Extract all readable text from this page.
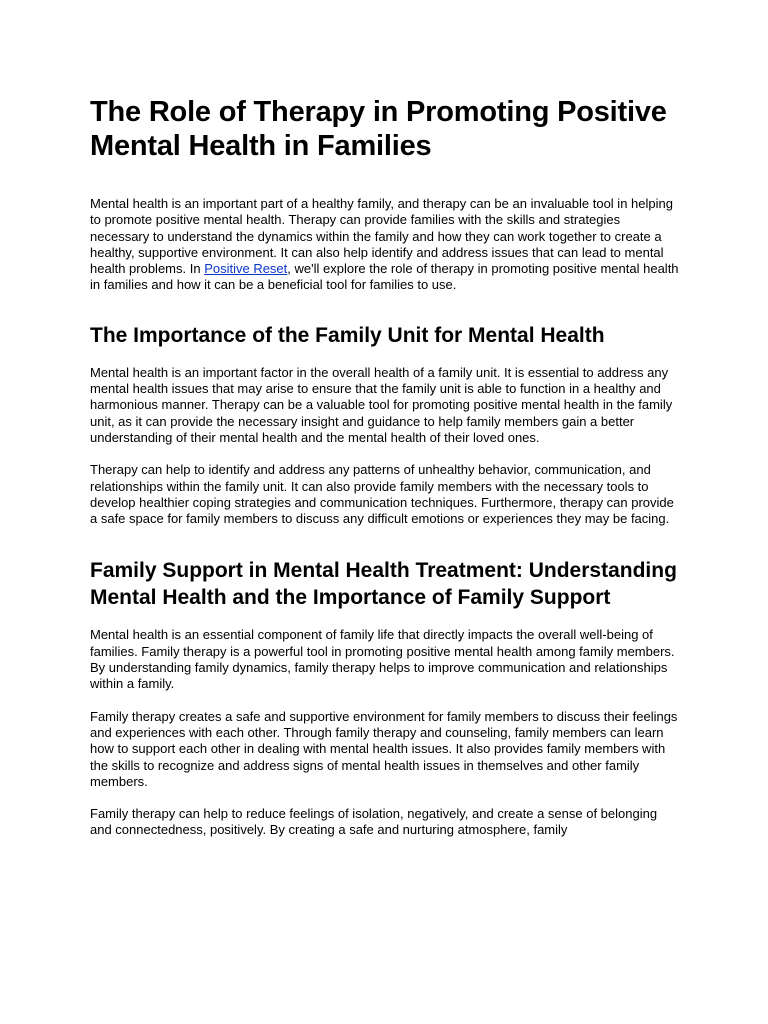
The Role of Therapy in Promoting Positive Mental Health in Families

Mental health is an important part of a healthy family, and therapy can be an invaluable tool in helping to promote positive mental health. Therapy can provide families with the skills and strategies necessary to understand the dynamics within the family and how they can work together to create a healthy, supportive environment. It can also help identify and address issues that can lead to mental health problems. In Positive Reset, we'll explore the role of therapy in promoting positive mental health in families and how it can be a beneficial tool for families to use.

The Importance of the Family Unit for Mental Health

Mental health is an important factor in the overall health of a family unit. It is essential to address any mental health issues that may arise to ensure that the family unit is able to function in a healthy and harmonious manner. Therapy can be a valuable tool for promoting positive mental health in the family unit, as it can provide the necessary insight and guidance to help family members gain a better understanding of their mental health and the mental health of their loved ones.

Therapy can help to identify and address any patterns of unhealthy behavior, communication, and relationships within the family unit. It can also provide family members with the necessary tools to develop healthier coping strategies and communication techniques. Furthermore, therapy can provide a safe space for family members to discuss any difficult emotions or experiences they may be facing.

Family Support in Mental Health Treatment: Understanding Mental Health and the Importance of Family Support

Mental health is an essential component of family life that directly impacts the overall well-being of families. Family therapy is a powerful tool in promoting positive mental health among family members. By understanding family dynamics, family therapy helps to improve communication and relationships within a family.

Family therapy creates a safe and supportive environment for family members to discuss their feelings and experiences with each other. Through family therapy and counseling, family members can learn how to support each other in dealing with mental health issues. It also provides family members with the skills to recognize and address signs of mental health issues in themselves and other family members.

Family therapy can help to reduce feelings of isolation, negatively, and create a sense of belonging and connectedness, positively. By creating a safe and nurturing atmosphere, family
